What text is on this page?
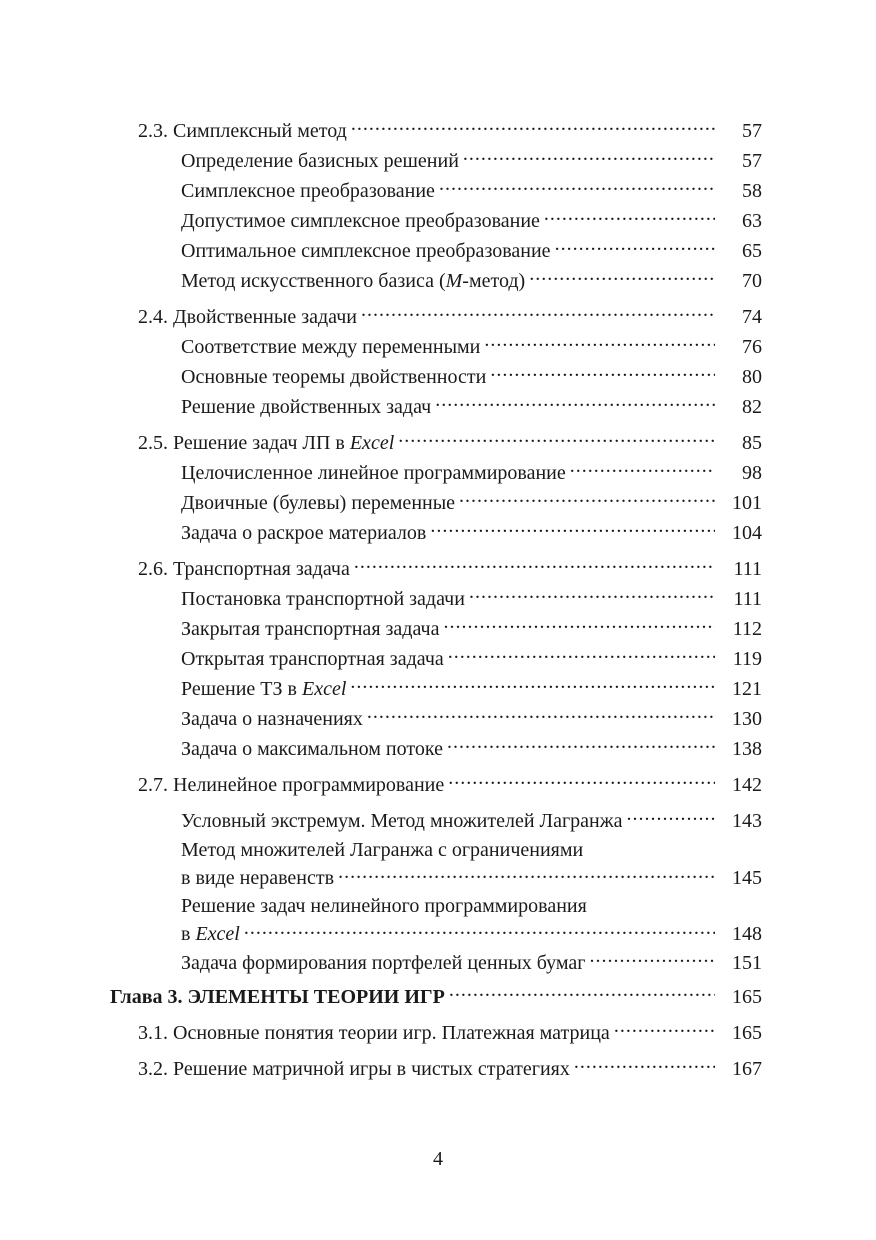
2.3. Симплексный метод .....	57
Определение базисных решений .....	57
Симплексное преобразование .....	58
Допустимое симплексное преобразование .....	63
Оптимальное симплексное преобразование .....	65
Метод искусственного базиса (M-метод) .....	70
2.4. Двойственные задачи .....	74
Соответствие между переменными .....	76
Основные теоремы двойственности .....	80
Решение двойственных задач .....	82
2.5. Решение задач ЛП в Excel .....	85
Целочисленное линейное программирование .....	98
Двоичные (булевы) переменные .....	101
Задача о раскрое материалов .....	104
2.6. Транспортная задача .....	111
Постановка транспортной задачи .....	111
Закрытая транспортная задача .....	112
Открытая транспортная задача .....	119
Решение ТЗ в Excel .....	121
Задача о назначениях .....	130
Задача о максимальном потоке .....	138
2.7. Нелинейное программирование .....	142
Условный экстремум. Метод множителей Лагранжа .....	143
Метод множителей Лагранжа с ограничениями
в виде неравенств .....	145
Решение задач нелинейного программирования
в Excel .....	148
Задача формирования портфелей ценных бумаг .....	151
Глава 3. ЭЛЕМЕНТЫ ТЕОРИИ ИГР .....	165
3.1. Основные понятия теории игр. Платежная матрица .....	165
3.2. Решение матричной игры в чистых стратегиях .....	167
4
